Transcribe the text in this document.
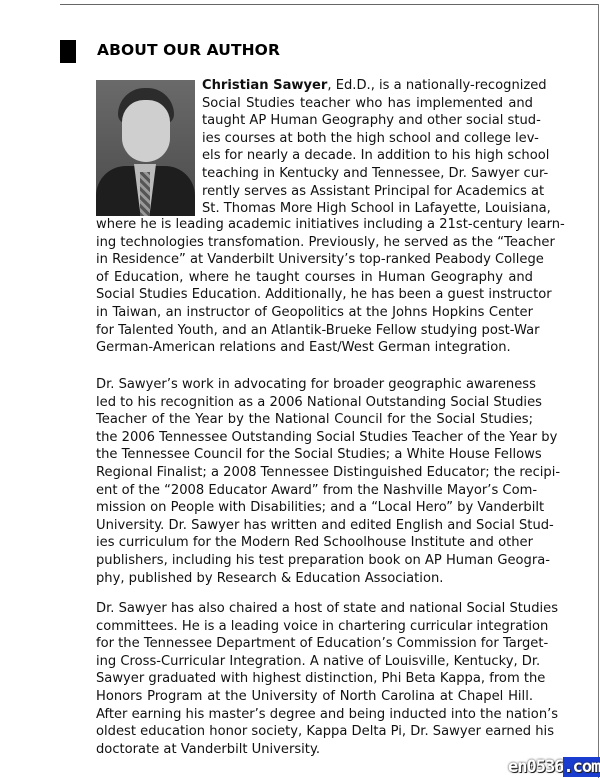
ABOUT OUR AUTHOR
Christian Sawyer, Ed.D., is a nationally-recognized
Social Studies teacher who has implemented and
taught AP Human Geography and other social stud-
ies courses at both the high school and college lev-
els for nearly a decade. In addition to his high school
teaching in Kentucky and Tennessee, Dr. Sawyer cur-
rently serves as Assistant Principal for Academics at
St. Thomas More High School in Lafayette, Louisiana,
where he is leading academic initiatives including a 21st-century learn-
ing technologies transfomation. Previously, he served as the “Teacher
in Residence” at Vanderbilt University’s top-ranked Peabody College
of Education, where he taught courses in Human Geography and
Social Studies Education. Additionally, he has been a guest instructor
in Taiwan, an instructor of Geopolitics at the Johns Hopkins Center
for Talented Youth, and an Atlantik-Brueke Fellow studying post-War
German-American relations and East/West German integration.
Dr. Sawyer’s work in advocating for broader geographic awareness
led to his recognition as a 2006 National Outstanding Social Studies
Teacher of the Year by the National Council for the Social Studies;
the 2006 Tennessee Outstanding Social Studies Teacher of the Year by
the Tennessee Council for the Social Studies; a White House Fellows
Regional Finalist; a 2008 Tennessee Distinguished Educator; the recipi-
ent of the “2008 Educator Award” from the Nashville Mayor’s Com-
mission on People with Disabilities; and a “Local Hero” by Vanderbilt
University. Dr. Sawyer has written and edited English and Social Stud-
ies curriculum for the Modern Red Schoolhouse Institute and other
publishers, including his test preparation book on AP Human Geogra-
phy, published by Research & Education Association.
Dr. Sawyer has also chaired a host of state and national Social Studies
committees. He is a leading voice in chartering curricular integration
for the Tennessee Department of Education’s Commission for Target-
ing Cross-Curricular Integration. A native of Louisville, Kentucky, Dr.
Sawyer graduated with highest distinction, Phi Beta Kappa, from the
Honors Program at the University of North Carolina at Chapel Hill.
After earning his master’s degree and being inducted into the nation’s
oldest education honor society, Kappa Delta Pi, Dr. Sawyer earned his
doctorate at Vanderbilt University.
en0536.com
